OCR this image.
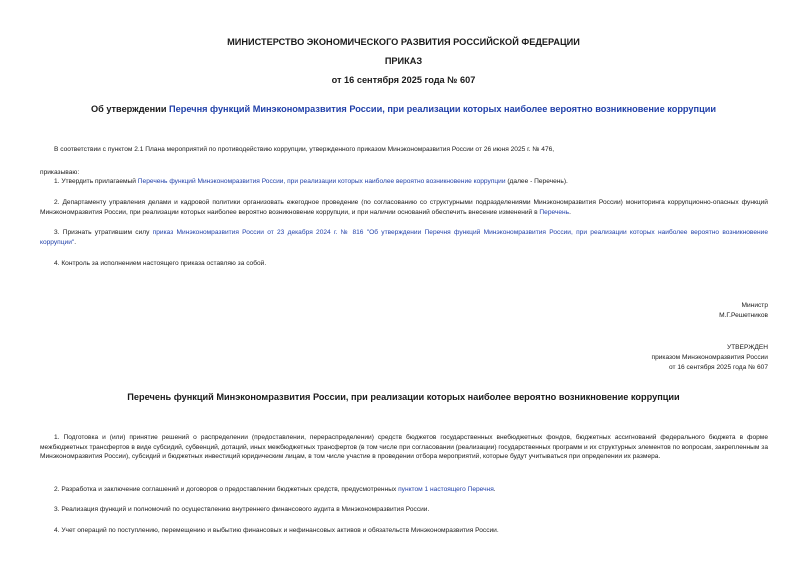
МИНИСТЕРСТВО ЭКОНОМИЧЕСКОГО РАЗВИТИЯ РОССИЙСКОЙ ФЕДЕРАЦИИ
ПРИКАЗ
от 16 сентября 2025 года № 607
Об утверждении Перечня функций Минэкономразвития России, при реализации которых наиболее вероятно возникновение коррупции

В соответствии с пунктом 2.1 Плана мероприятий по противодействию коррупции, утвержденного приказом Минэкономразвития России от 26 июня 2025 г. № 476,

приказываю:

1. Утвердить прилагаемый Перечень функций Минэкономразвития России, при реализации которых наиболее вероятно возникновение коррупции (далее - Перечень).

2. Департаменту управления делами и кадровой политики организовать ежегодное проведение (по согласованию со структурными подразделениями Минэкономразвития России) мониторинга коррупционно-опасных функций Минэкономразвития России, при реализации которых наиболее вероятно возникновение коррупции, и при наличии оснований обеспечить внесение изменений в Перечень.

3. Признать утратившим силу приказ Минэкономразвития России от 23 декабря 2024 г. № 816 "Об утверждении Перечня функций Минэкономразвития России, при реализации которых наиболее вероятно возникновение коррупции".

4. Контроль за исполнением настоящего приказа оставляю за собой.

Министр
М.Г.Решетников
УТВЕРЖДЕН
приказом Минэкономразвития России
от 16 сентября 2025 года № 607
Перечень функций Минэкономразвития России, при реализации которых наиболее вероятно возникновение коррупции

1. Подготовка и (или) принятие решений о распределении (предоставлении, перераспределении) средств бюджетов государственных внебюджетных фондов, бюджетных ассигнований федерального бюджета в форме межбюджетных трансфертов в виде субсидий, субвенций, дотаций, иных межбюджетных трансфертов (в том числе при согласовании (реализации) государственных программ и их структурных элементов по вопросам, закрепленным за Минэкономразвития России), субсидий и бюджетных инвестиций юридическим лицам, в том числе участие в проведении отбора мероприятий, которые будут учитываться при определении их размера.

2. Разработка и заключение соглашений и договоров о предоставлении бюджетных средств, предусмотренных пунктом 1 настоящего Перечня.

3. Реализация функций и полномочий по осуществлению внутреннего финансового аудита в Минэкономразвития России.

4. Учет операций по поступлению, перемещению и выбытию финансовых и нефинансовых активов и обязательств Минэкономразвития России.
